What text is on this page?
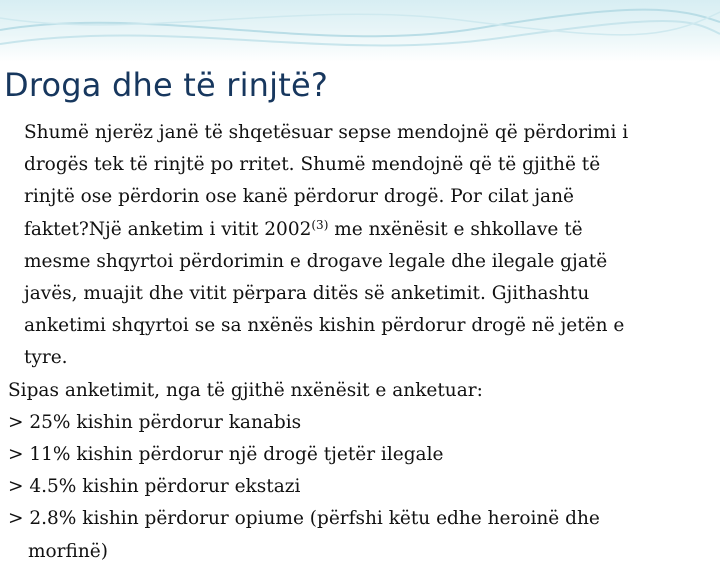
Droga dhe të rinjtë?
Shumë njerëz janë të shqetësuar sepse mendojnë që përdorimi i
drogës tek të rinjtë po rritet. Shumë mendojnë që të gjithë të
rinjtë ose përdorin ose kanë përdorur drogë. Por cilat janë
faktet?Një anketim i vitit 2002$^{(3)}$ me nxënësit e shkollave të
mesme shqyrtoi përdorimin e drogave legale dhe ilegale gjatë
javës, muajit dhe vitit përpara ditës së anketimit. Gjithashtu
anketimi shqyrtoi se sa nxënës kishin përdorur drogë në jetën e
tyre.
Sipas anketimit, nga të gjithë nxënësit e anketuar:
> 25% kishin përdorur kanabis
> 11% kishin përdorur një drogë tjetër ilegale
> 4.5% kishin përdorur ekstazi
> 2.8% kishin përdorur opiume (përfshi këtu edhe heroinë dhe
morfinë)
